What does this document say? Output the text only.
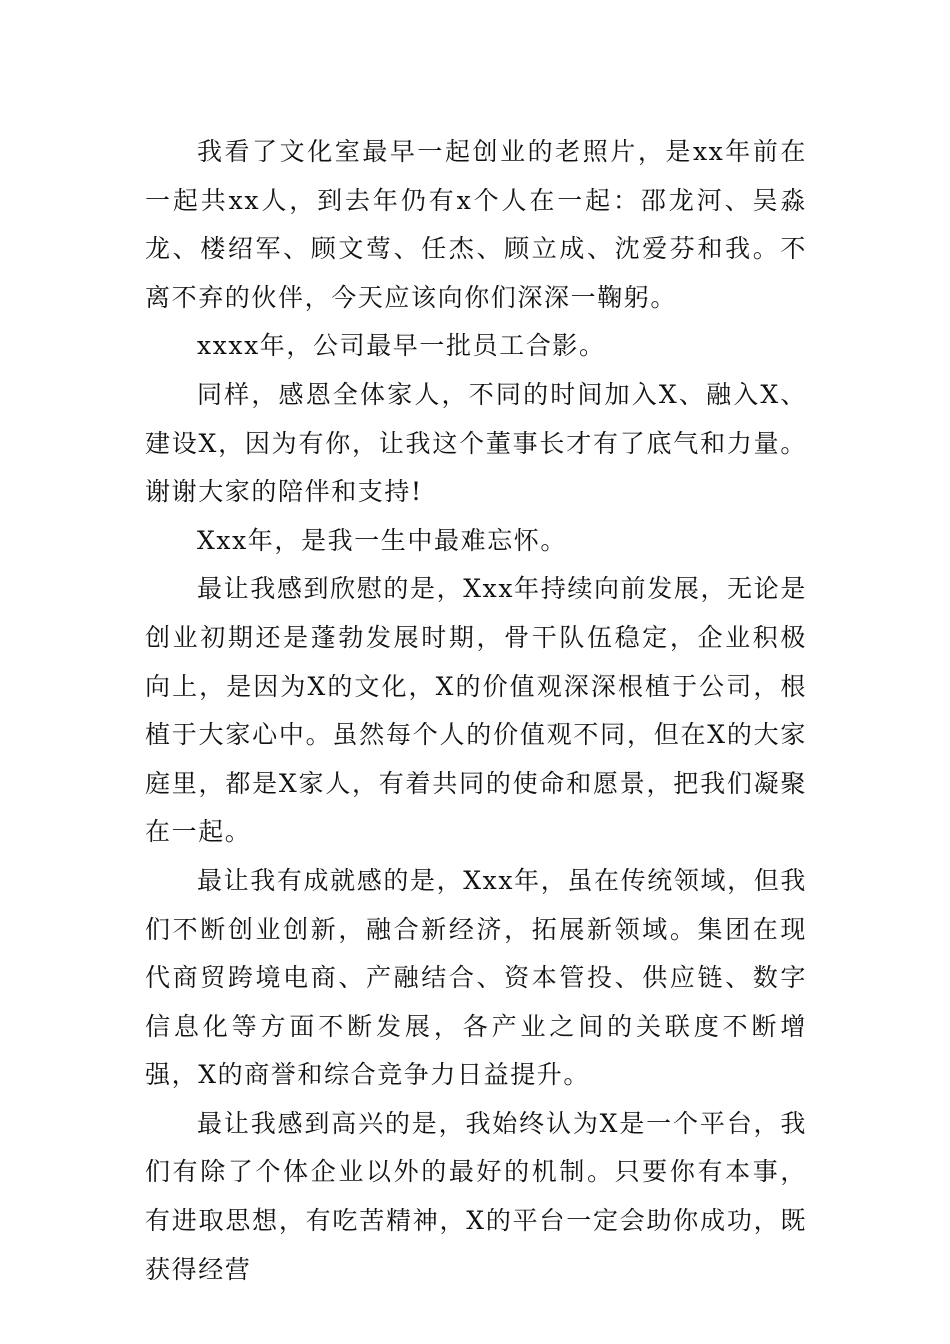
我看了文化室最早一起创业的老照片，是xx年前在一起共xx人，到去年仍有x个人在一起：邵龙河、吴淼龙、楼绍军、顾文莺、任杰、顾立成、沈爱芬和我。不离不弃的伙伴，今天应该向你们深深一鞠躬。

xxxx年，公司最早一批员工合影。

同样，感恩全体家人，不同的时间加入X、融入X、建设X，因为有你，让我这个董事长才有了底气和力量。谢谢大家的陪伴和支持!

Xxx年，是我一生中最难忘怀。

最让我感到欣慰的是，Xxx年持续向前发展，无论是创业初期还是蓬勃发展时期，骨干队伍稳定，企业积极向上，是因为X的文化，X的价值观深深根植于公司，根植于大家心中。虽然每个人的价值观不同，但在X的大家庭里，都是X家人，有着共同的使命和愿景，把我们凝聚在一起。

最让我有成就感的是，Xxx年，虽在传统领域，但我们不断创业创新，融合新经济，拓展新领域。集团在现代商贸跨境电商、产融结合、资本管投、供应链、数字信息化等方面不断发展，各产业之间的关联度不断增强，X的商誉和综合竞争力日益提升。

最让我感到高兴的是，我始终认为X是一个平台，我们有除了个体企业以外的最好的机制。只要你有本事，有进取思想，有吃苦精神，X的平台一定会助你成功，既获得经营
